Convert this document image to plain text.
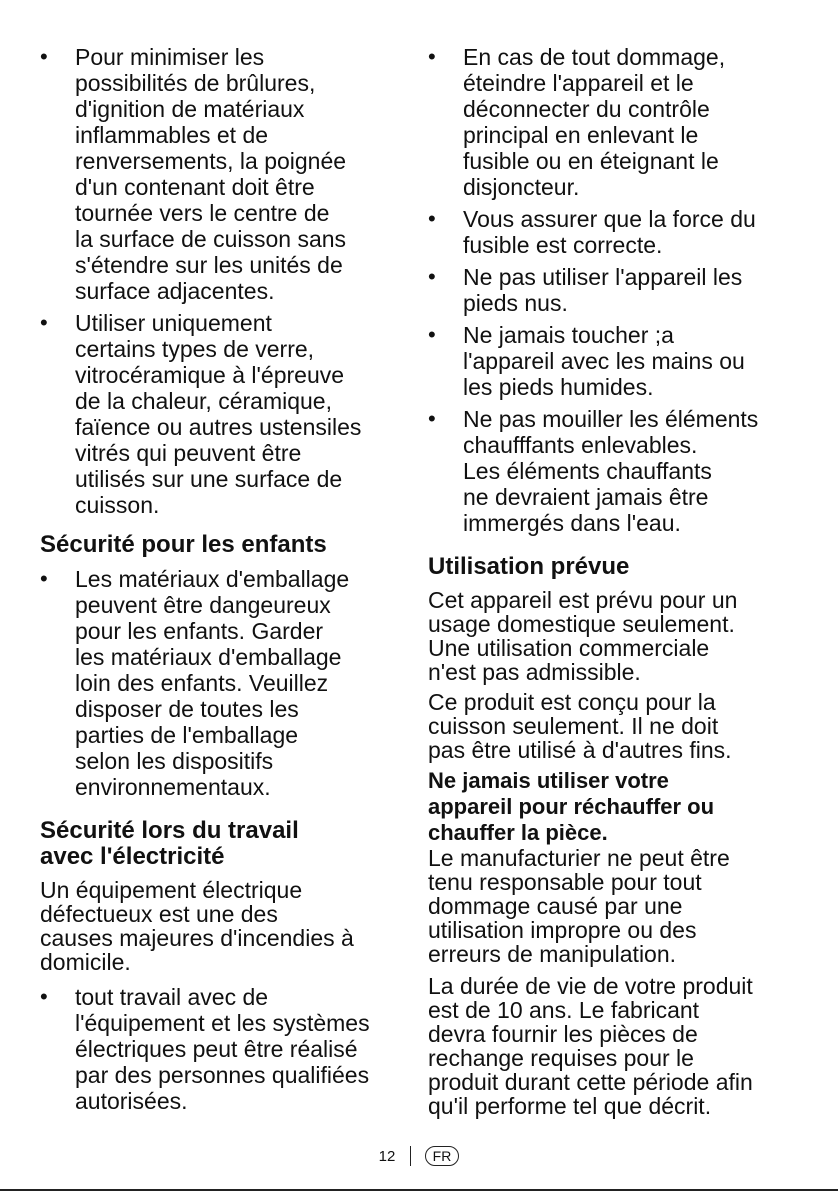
• Pour minimiser les
possibilités de brûlures,
d'ignition de matériaux
inflammables et de
renversements, la poignée
d'un contenant doit être
tournée vers le centre de
la surface de cuisson sans
s'étendre sur les unités de
surface adjacentes.
• Utiliser uniquement
certains types de verre,
vitrocéramique à l'épreuve
de la chaleur, céramique,
faïence ou autres ustensiles
vitrés qui peuvent être
utilisés sur une surface de
cuisson.
Sécurité pour les enfants
• Les matériaux d'emballage
peuvent être dangeureux
pour les enfants. Garder
les matériaux d'emballage
loin des enfants. Veuillez
disposer de toutes les
parties de l'emballage
selon les dispositifs
environnementaux.
Sécurité lors du travail
avec l'électricité

Un équipement électrique
défectueux est une des
causes majeures d'incendies à
domicile.

• tout travail avec de
l'équipement et les systèmes
électriques peut être réalisé
par des personnes qualifiées
autorisées.
• En cas de tout dommage,
éteindre l'appareil et le
déconnecter du contrôle
principal en enlevant le
fusible ou en éteignant le
disjoncteur.
• Vous assurer que la force du
fusible est correcte.
• Ne pas utiliser l'appareil les
pieds nus.
• Ne jamais toucher ;a
l'appareil avec les mains ou
les pieds humides.
• Ne pas mouiller les éléments
chaufffants enlevables.
Les éléments chauffants
ne devraient jamais être
immergés dans l'eau.
Utilisation prévue

Cet appareil est prévu pour un
usage domestique seulement.
Une utilisation commerciale
n'est pas admissible.

Ce produit est conçu pour la
cuisson seulement. Il ne doit
pas être utilisé à d'autres fins.

Ne jamais utiliser votre
appareil pour réchauffer ou
chauffer la pièce.

Le manufacturier ne peut être
tenu responsable pour tout
dommage causé par une
utilisation impropre ou des
erreurs de manipulation.

La durée de vie de votre produit
est de 10 ans. Le fabricant
devra fournir les pièces de
rechange requises pour le
produit durant cette période afin
qu'il performe tel que décrit.

12	FR
